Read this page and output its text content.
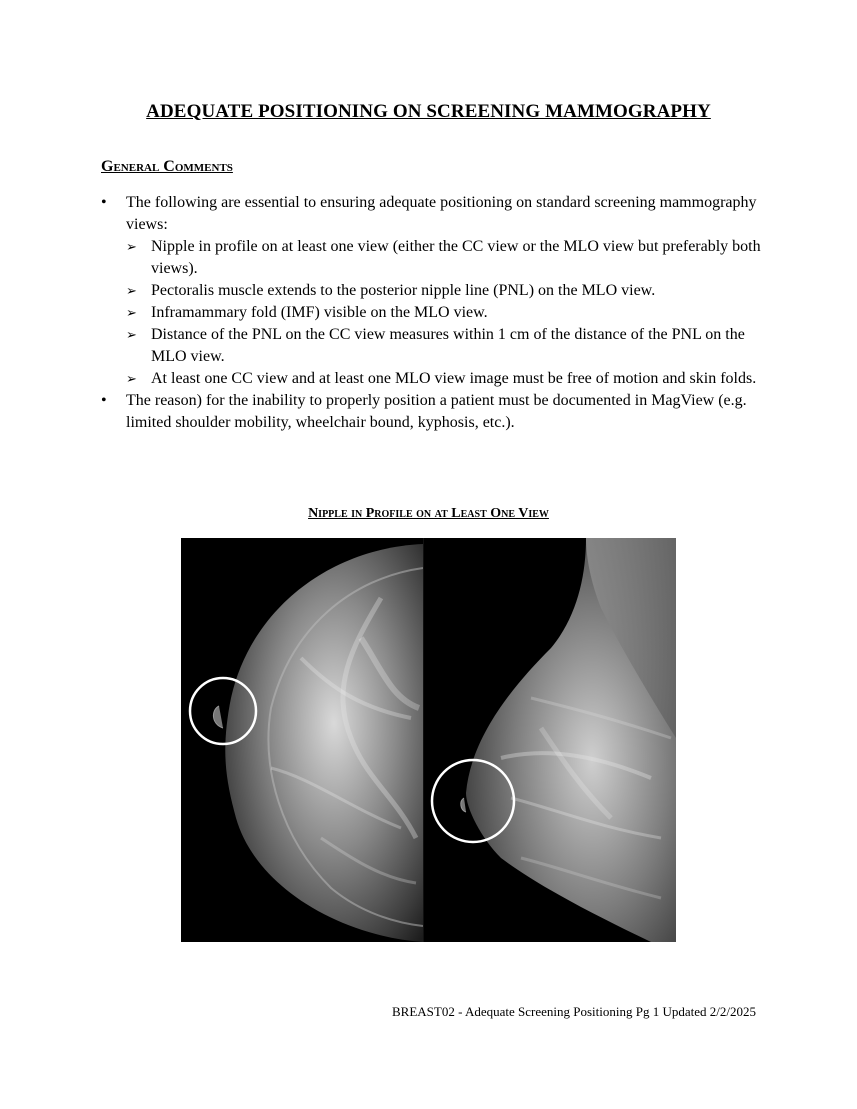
ADEQUATE POSITIONING ON SCREENING MAMMOGRAPHY
General Comments
•	The following are essential to ensuring adequate positioning on standard screening mammography views:
➢ Nipple in profile on at least one view (either the CC view or the MLO view but preferably both views).
➢ Pectoralis muscle extends to the posterior nipple line (PNL) on the MLO view.
➢ Inframammary fold (IMF) visible on the MLO view.
➢ Distance of the PNL on the CC view measures within 1 cm of the distance of the PNL on the MLO view.
➢ At least one CC view and at least one MLO view image must be free of motion and skin folds.
•	The reason) for the inability to properly position a patient must be documented in MagView (e.g. limited shoulder mobility, wheelchair bound, kyphosis, etc.).
Nipple in Profile on at Least One View
BREAST02 - Adequate Screening Positioning Pg 1 Updated 2/2/2025
